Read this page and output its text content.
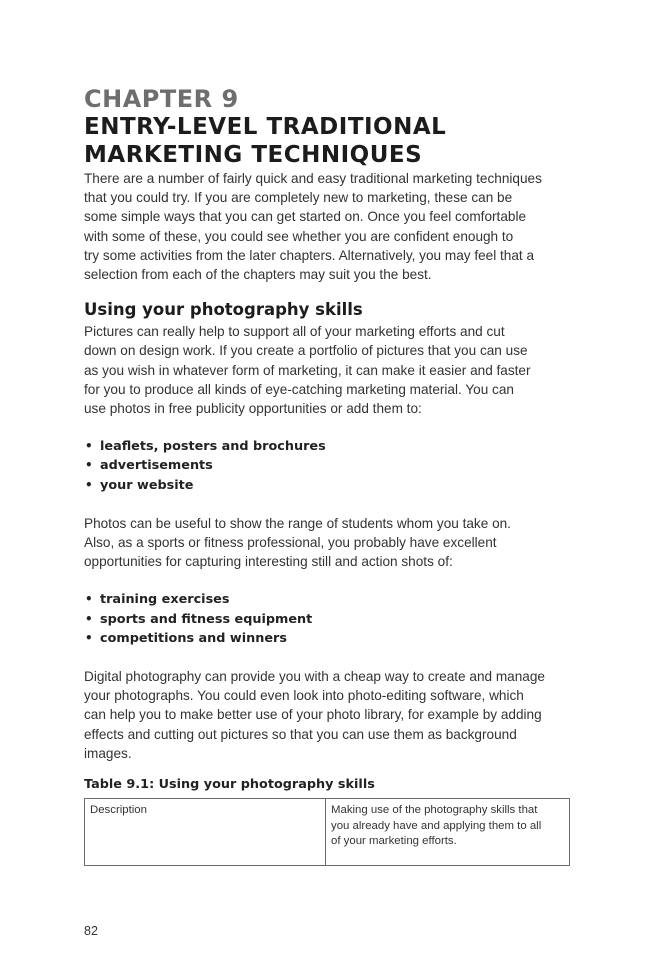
CHAPTER 9
ENTRY-LEVEL TRADITIONAL
MARKETING TECHNIQUES

There are a number of fairly quick and easy traditional marketing techniques
that you could try. If you are completely new to marketing, these can be
some simple ways that you can get started on. Once you feel comfortable
with some of these, you could see whether you are confident enough to
try some activities from the later chapters. Alternatively, you may feel that a
selection from each of the chapters may suit you the best.

Using your photography skills

Pictures can really help to support all of your marketing efforts and cut
down on design work. If you create a portfolio of pictures that you can use
as you wish in whatever form of marketing, it can make it easier and faster
for you to produce all kinds of eye-catching marketing material. You can
use photos in free publicity opportunities or add them to:

• leaflets, posters and brochures
• advertisements
• your website

Photos can be useful to show the range of students whom you take on.
Also, as a sports or fitness professional, you probably have excellent
opportunities for capturing interesting still and action shots of:

• training exercises
• sports and fitness equipment
• competitions and winners

Digital photography can provide you with a cheap way to create and manage
your photographs. You could even look into photo-editing software, which
can help you to make better use of your photo library, for example by adding
effects and cutting out pictures so that you can use them as background
images.

Table 9.1: Using your photography skills
Description	Making use of the photography skills that
you already have and applying them to all
of your marketing efforts.
82
